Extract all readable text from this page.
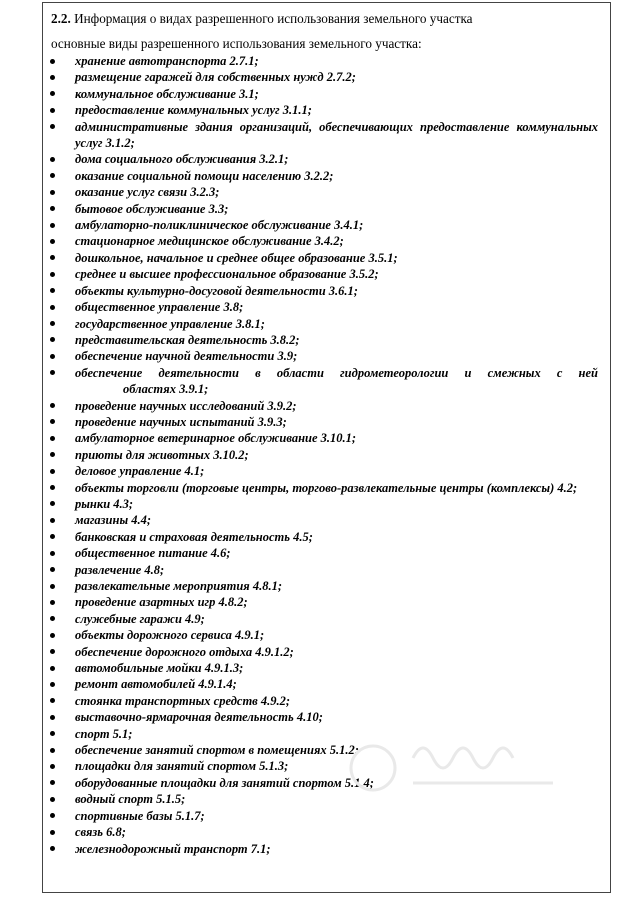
2.2. Информация о видах разрешенного использования земельного участка
основные виды разрешенного использования земельного участка:
хранение автотранспорта 2.7.1;
размещение гаражей для собственных нужд 2.7.2;
коммунальное обслуживание 3.1;
предоставление коммунальных услуг 3.1.1;
административные здания организаций, обеспечивающих предоставление коммунальных услуг 3.1.2;
дома социального обслуживания 3.2.1;
оказание социальной помощи населению 3.2.2;
оказание услуг связи 3.2.3;
бытовое обслуживание 3.3;
амбулаторно-поликлиническое обслуживание 3.4.1;
стационарное медицинское обслуживание 3.4.2;
дошкольное, начальное и среднее общее образование 3.5.1;
среднее и высшее профессиональное образование 3.5.2;
объекты культурно-досуговой деятельности 3.6.1;
общественное управление 3.8;
государственное управление 3.8.1;
представительская деятельность 3.8.2;
обеспечение научной деятельности 3.9;
обеспечение деятельности в области гидрометеорологии и смежных с ней
областях 3.9.1;
проведение научных исследований 3.9.2;
проведение научных испытаний 3.9.3;
амбулаторное ветеринарное обслуживание 3.10.1;
приюты для животных 3.10.2;
деловое управление 4.1;
объекты торговли (торговые центры, торгово-развлекательные центры (комплексы) 4.2;
рынки 4.3;
магазины 4.4;
банковская и страховая деятельность 4.5;
общественное питание 4.6;
развлечение 4.8;
развлекательные мероприятия 4.8.1;
проведение азартных игр 4.8.2;
служебные гаражи 4.9;
объекты дорожного сервиса 4.9.1;
обеспечение дорожного отдыха 4.9.1.2;
автомобильные мойки 4.9.1.3;
ремонт автомобилей 4.9.1.4;
стоянка транспортных средств 4.9.2;
выставочно-ярмарочная деятельность 4.10;
спорт 5.1;
обеспечение занятий спортом в помещениях 5.1.2;
площадки для занятий спортом 5.1.3;
оборудованные площадки для занятий спортом 5.1.4;
водный спорт 5.1.5;
спортивные базы 5.1.7;
связь 6.8;
железнодорожный транспорт 7.1;
